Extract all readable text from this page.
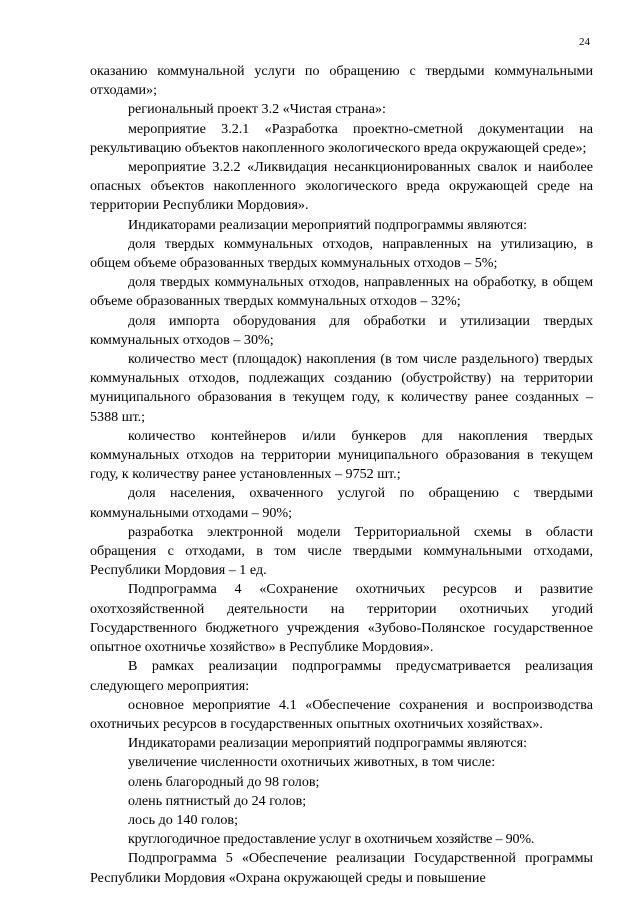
24

оказанию коммунальной услуги по обращению с твердыми коммунальными отходами»;

региональный проект 3.2 «Чистая страна»:

мероприятие 3.2.1 «Разработка проектно-сметной документации на рекультивацию объектов накопленного экологического вреда окружающей среде»;

мероприятие 3.2.2 «Ликвидация несанкционированных свалок и наиболее опасных объектов накопленного экологического вреда окружающей среде на территории Республики Мордовия».

Индикаторами реализации мероприятий подпрограммы являются:

доля твердых коммунальных отходов, направленных на утилизацию, в общем объеме образованных твердых коммунальных отходов – 5%;

доля твердых коммунальных отходов, направленных на обработку, в общем объеме образованных твердых коммунальных отходов – 32%;

доля импорта оборудования для обработки и утилизации твердых коммунальных отходов – 30%;

количество мест (площадок) накопления (в том числе раздельного) твердых коммунальных отходов, подлежащих созданию (обустройству) на территории муниципального образования в текущем году, к количеству ранее созданных – 5388 шт.;

количество контейнеров и/или бункеров для накопления твердых коммунальных отходов на территории муниципального образования в текущем году, к количеству ранее установленных – 9752 шт.;

доля населения, охваченного услугой по обращению с твердыми коммунальными отходами – 90%;

разработка электронной модели Территориальной схемы в области обращения с отходами, в том числе твердыми коммунальными отходами, Республики Мордовия – 1 ед.

Подпрограмма 4 «Сохранение охотничьих ресурсов и развитие охотхозяйственной деятельности на территории охотничьих угодий Государственного бюджетного учреждения «Зубово-Полянское государственное опытное охотничье хозяйство» в Республике Мордовия».

В рамках реализации подпрограммы предусматривается реализация следующего мероприятия:

основное мероприятие 4.1 «Обеспечение сохранения и воспроизводства охотничьих ресурсов в государственных опытных охотничьих хозяйствах».

Индикаторами реализации мероприятий подпрограммы являются:

увеличение численности охотничьих животных, в том числе:

олень благородный до 98 голов;

олень пятнистый до 24 голов;

лось до 140 голов;

круглогодичное предоставление услуг в охотничьем хозяйстве – 90%.

Подпрограмма 5 «Обеспечение реализации Государственной программы Республики Мордовия «Охрана окружающей среды и повышение
